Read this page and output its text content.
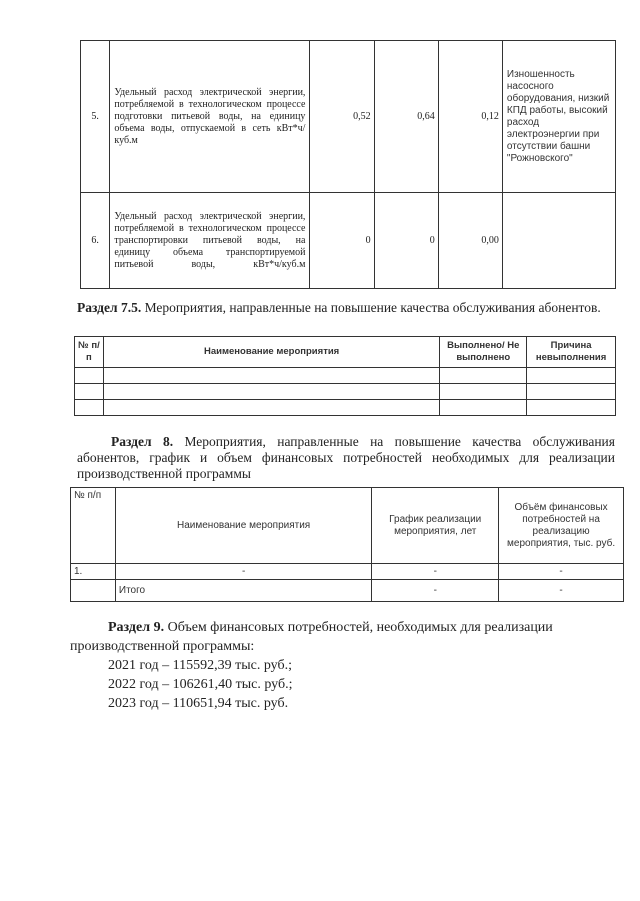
5.	Удельный расход электрической энергии, потребляемой в технологическом процессе подготовки питьевой воды, на единицу объема воды, отпускаемой в сеть кВт*ч/куб.м	0,52	0,64	0,12	Изношенность насосного оборудования, низкий КПД работы, высокий расход электроэнергии при отсутствии башни "Рожновского"
6.	Удельный расход электрической энергии, потребляемой в технологическом процессе транспортировки питьевой воды, на единицу объема транспортируемой питьевой воды, кВт*ч/куб.м	0	0	0,00	
Раздел 7.5. Мероприятия, направленные на повышение качества обслуживания абонентов.
№ п/п	Наименование мероприятия	Выполнено/ Не выполнено	Причина невыполнения

Раздел 8. Мероприятия, направленные на повышение качества обслуживания абонентов, график и объем финансовых потребностей необходимых для реализации производственной программы
№ п/п	Наименование мероприятия	График реализации мероприятия, лет	Объём финансовых потребностей на реализацию мероприятия, тыс. руб.
1.	-	-	-
	Итого	-	-
Раздел 9. Объем финансовых потребностей, необходимых для реализации производственной программы:
2021 год – 115592,39 тыс. руб.;
2022 год – 106261,40 тыс. руб.;
2023 год – 110651,94 тыс. руб.
